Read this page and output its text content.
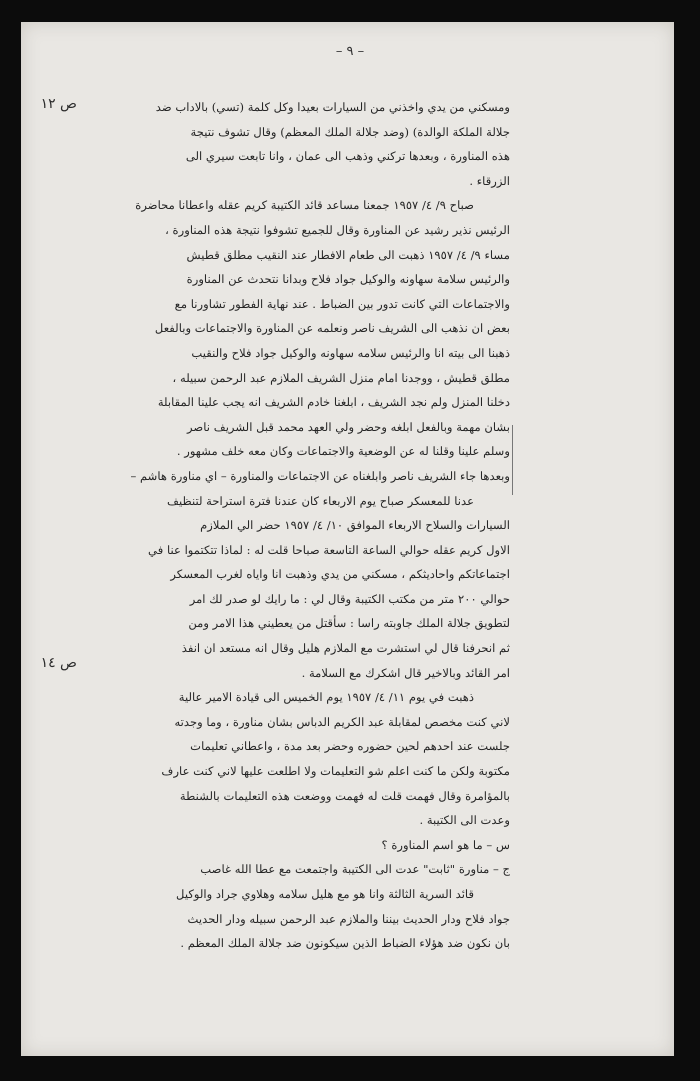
– ٩ –
ص ١٢
ص ١٤
ومسكني من يدي واخذني من السيارات بعيدا وكل كلمة (تسي) بالاداب ضد
جلالة الملكة الوالدة) (وضد جلالة الملك المعظم) وقال تشوف نتيجة
هذه المناورة ، وبعدها تركني وذهب الى عمان ، وانا تابعت سيري الى
الزرقاء .
صباح ٩/ ٤/ ١٩٥٧ جمعنا مساعد قائد الكتيبة كريم عقله واعطانا محاضرة
الرئيس نذير رشيد عن المناورة وقال للجميع تشوفوا نتيجة هذه المناورة ،
مساء ٩/ ٤/ ١٩٥٧ ذهبت الى طعام الافطار عند النقيب مطلق قطيش
والرئيس سلامة سهاونه والوكيل جواد فلاح وبدانا نتحدث عن المناورة
والاجتماعات التي كانت تدور بين الضباط . عند نهاية الفطور تشاورنا مع
بعض ان نذهب الى الشريف ناصر ونعلمه عن المناورة والاجتماعات وبالفعل
ذهبنا الى بيته انا والرئيس سلامه سهاونه والوكيل جواد فلاح والنقيب
مطلق قطيش ، ووجدنا امام منزل الشريف الملازم عبد الرحمن سبيله ،
دخلنا المنزل ولم نجد الشريف ، ابلغنا خادم الشريف انه يجب علينا المقابلة
بشان مهمة وبالفعل ابلغه وحضر ولي العهد محمد قبل الشريف ناصر
وسلم علينا وقلنا له عن الوضعية والاجتماعات وكان معه خلف مشهور .
وبعدها جاء الشريف ناصر وابلغناه عن الاجتماعات والمناورة – اي مناورة هاشم –
عدنا للمعسكر صباح يوم الاربعاء كان عندنا فترة استراحة لتنظيف
السيارات والسلاح الاربعاء الموافق ١٠/ ٤/ ١٩٥٧ حضر الي الملازم
الاول كريم عقله حوالي الساعة التاسعة صباحا قلت له : لماذا تتكتموا عنا في
اجتماعاتكم واحاديثكم ، مسكني من يدي وذهبت انا واياه لغرب المعسكر
حوالي ٢٠٠ متر من مكتب الكتيبة وقال لي : ما رايك لو صدر لك امر
لتطويق جلالة الملك جاوبته راسا : سأقتل من يعطيني هذا الامر ومن
ثم انحرفنا قال لي استشرت مع الملازم هليل وقال انه مستعد ان انفذ
امر القائد وبالاخير قال اشكرك مع السلامة .
ذهبت في يوم ١١/ ٤/ ١٩٥٧ يوم الخميس الى قيادة الامير عالية
لاني كنت مخصص لمقابلة عبد الكريم الدباس بشان مناورة ، وما وجدته
جلست عند احدهم لحين حضوره وحضر بعد مدة ، واعطاني تعليمات
مكتوبة ولكن ما كنت اعلم شو التعليمات ولا اطلعت عليها لاني كنت عارف
بالمؤامرة وقال فهمت قلت له فهمت ووضعت هذه التعليمات بالشنطة
وعدت الى الكتيبة .
س – ما هو اسم المناورة ؟
ج – مناورة "ثابت" عدت الى الكتيبة واجتمعت مع عطا الله غاصب
قائد السرية الثالثة وانا هو مع هليل سلامه وهلاوي جراد والوكيل
جواد فلاح ودار الحديث بيننا والملازم عبد الرحمن سبيله ودار الحديث
بان نكون ضد هؤلاء الضباط الذين سيكونون ضد جلالة الملك المعظم .
